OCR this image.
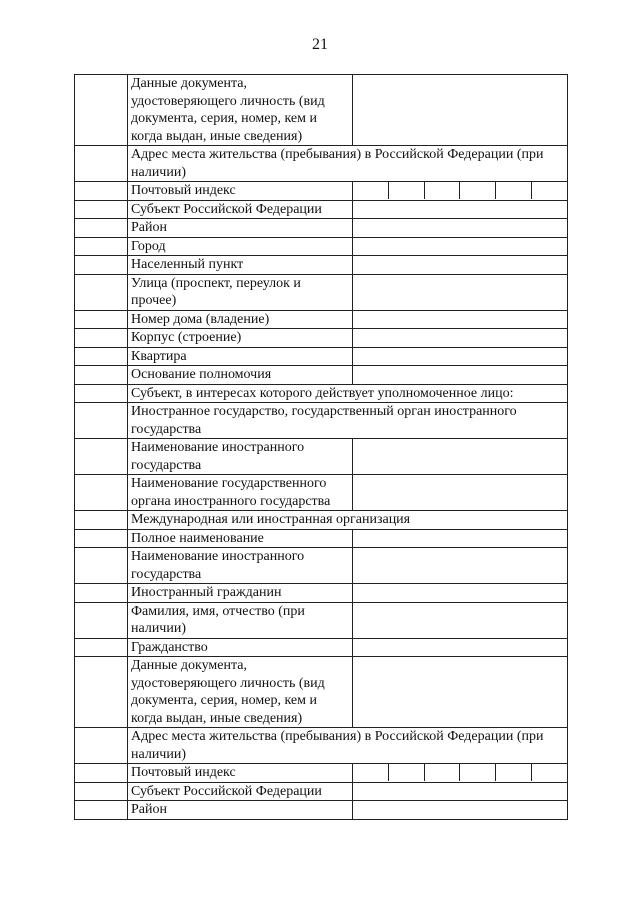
21
	Данные документа, удостоверяющего личность (вид документа, серия, номер, кем и когда выдан, иные сведения)	
	Адрес места жительства (пребывания) в Российской Федерации (при наличии)	
	Почтовый индекс	

	Субъект Российской Федерации	
	Район	
	Город	
	Населенный пункт	
	Улица (проспект, переулок и прочее)	
	Номер дома (владение)	
	Корпус (строение)	
	Квартира	
	Основание полномочия	
	Субъект, в интересах которого действует уполномоченное лицо:	
	Иностранное государство, государственный орган иностранного государства	
	Наименование иностранного государства	
	Наименование государственного органа иностранного государства	
	Международная или иностранная организация	
	Полное наименование	
	Наименование иностранного государства	
	Иностранный гражданин	
	Фамилия, имя, отчество (при наличии)	
	Гражданство	
	Данные документа, удостоверяющего личность (вид документа, серия, номер, кем и когда выдан, иные сведения)	
	Адрес места жительства (пребывания) в Российской Федерации (при наличии)	
	Почтовый индекс	

	Субъект Российской Федерации	
	Район	
